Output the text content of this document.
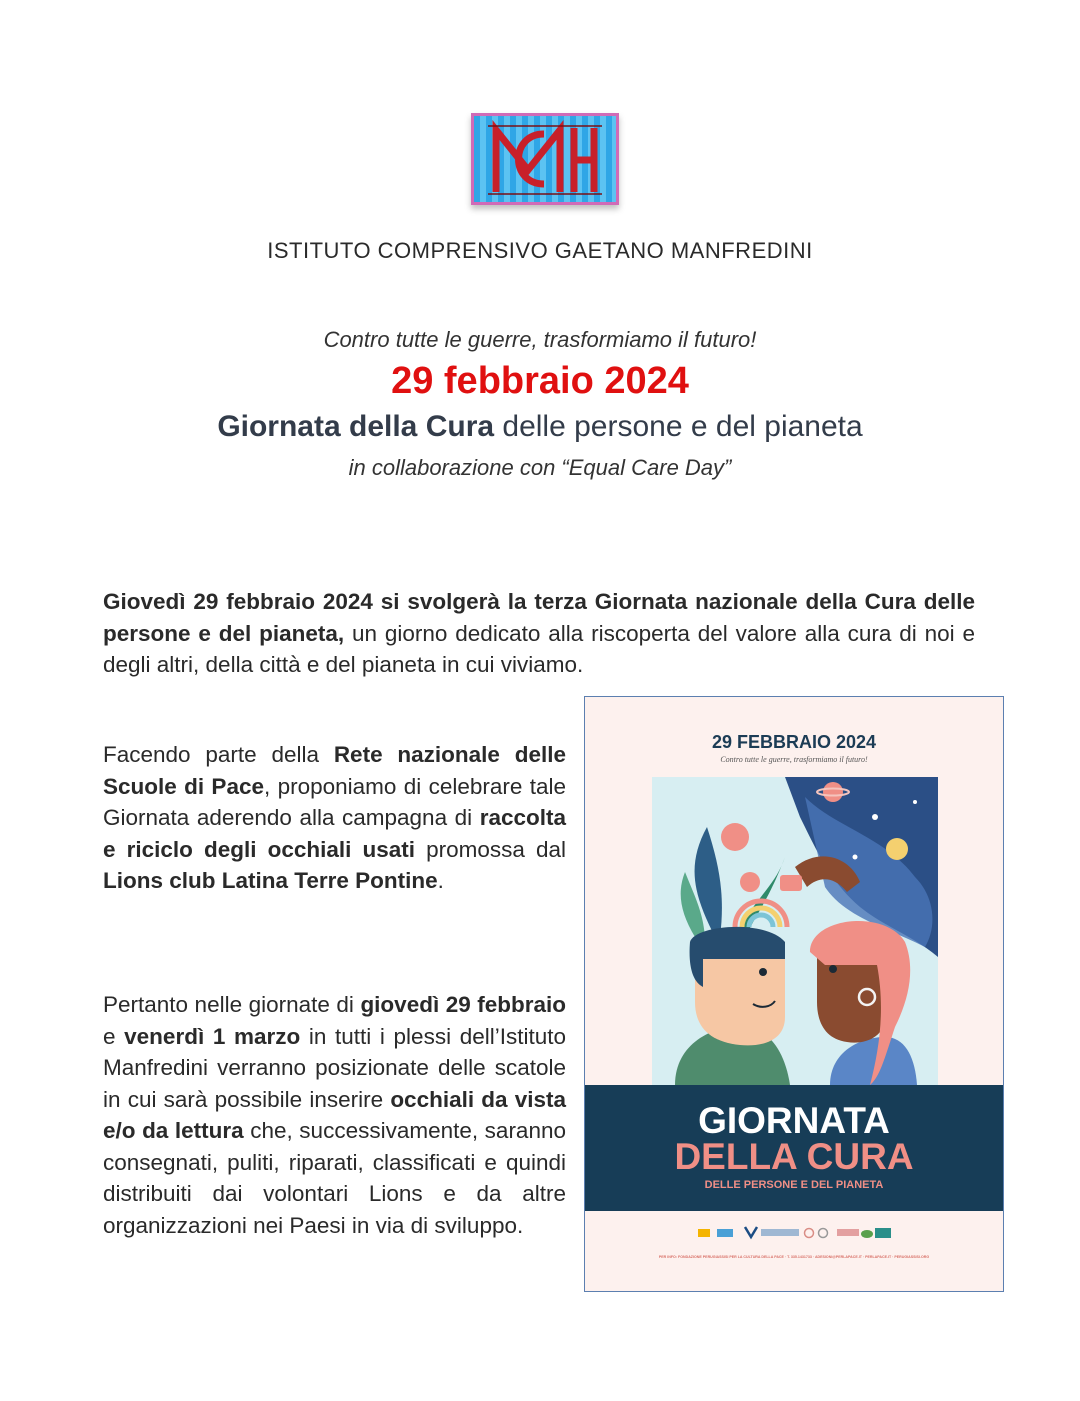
ISTITUTO COMPRENSIVO GAETANO MANFREDINI
Contro tutte le guerre, trasformiamo il futuro!
29 febbraio 2024
Giornata della Cura delle persone e del pianeta
in collaborazione con “Equal Care Day”
Giovedì 29 febbraio 2024 si svolgerà la terza Giornata nazionale della Cura delle persone e del pianeta, un giorno dedicato alla riscoperta del valore alla cura di noi e degli altri, della città e del pianeta in cui viviamo.
Facendo parte della Rete nazionale delle Scuole di Pace, proponiamo di celebrare tale Giornata aderendo alla campagna di raccolta e riciclo degli occhiali usati promossa dal Lions club Latina Terre Pontine.
Pertanto nelle giornate di giovedì 29 febbraio e venerdì 1 marzo in tutti i plessi dell’Istituto Manfredini verranno posizionate delle scatole in cui sarà possibile inserire occhiali da vista e/o da lettura che, successivamente, saranno consegnati, puliti, riparati, classificati e quindi distribuiti dai volontari Lions e da altre organizzazioni nei Paesi in via di sviluppo.
29 FEBBRAIO 2024
Contro tutte le guerre, trasformiamo il futuro!
GIORNATA
DELLA CURA
DELLE PERSONE E DEL PIANETA
PER INFO: FONDAZIONE PERUGIASSISI PER LA CULTURA DELLA PACE · T. 335.1431733 · ADESIONI@PERLAPACE.IT · PERLAPACE.IT · PERUGIASSISI.ORG
